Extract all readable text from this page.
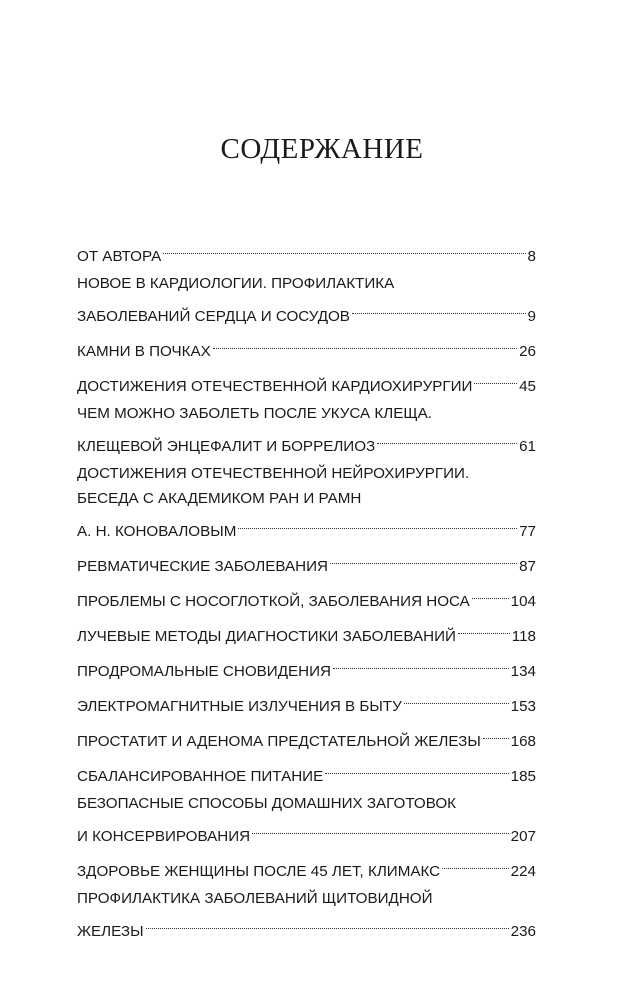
СОДЕРЖАНИЕ
ОТ АВТОРА	8
НОВОЕ В КАРДИОЛОГИИ. ПРОФИЛАКТИКА
ЗАБОЛЕВАНИЙ СЕРДЦА И СОСУДОВ	9
КАМНИ В ПОЧКАХ	26
ДОСТИЖЕНИЯ ОТЕЧЕСТВЕННОЙ КАРДИОХИРУРГИИ	45
ЧЕМ МОЖНО ЗАБОЛЕТЬ ПОСЛЕ УКУСА КЛЕЩА.
КЛЕЩЕВОЙ ЭНЦЕФАЛИТ И БОРРЕЛИОЗ	61
ДОСТИЖЕНИЯ ОТЕЧЕСТВЕННОЙ НЕЙРОХИРУРГИИ.
БЕСЕДА С АКАДЕМИКОМ РАН И РАМН
А. Н. КОНОВАЛОВЫМ	77
РЕВМАТИЧЕСКИЕ ЗАБОЛЕВАНИЯ	87
ПРОБЛЕМЫ С НОСОГЛОТКОЙ, ЗАБОЛЕВАНИЯ НОСА	104
ЛУЧЕВЫЕ МЕТОДЫ ДИАГНОСТИКИ ЗАБОЛЕВАНИЙ	118
ПРОДРОМАЛЬНЫЕ СНОВИДЕНИЯ	134
ЭЛЕКТРОМАГНИТНЫЕ ИЗЛУЧЕНИЯ В БЫТУ	153
ПРОСТАТИТ И АДЕНОМА ПРЕДСТАТЕЛЬНОЙ ЖЕЛЕЗЫ 168
СБАЛАНСИРОВАННОЕ ПИТАНИЕ	185
БЕЗОПАСНЫЕ СПОСОБЫ ДОМАШНИХ ЗАГОТОВОК
И КОНСЕРВИРОВАНИЯ	207
ЗДОРОВЬЕ ЖЕНЩИНЫ ПОСЛЕ 45 ЛЕТ, КЛИМАКС	224
ПРОФИЛАКТИКА ЗАБОЛЕВАНИЙ ЩИТОВИДНОЙ
ЖЕЛЕЗЫ	236
